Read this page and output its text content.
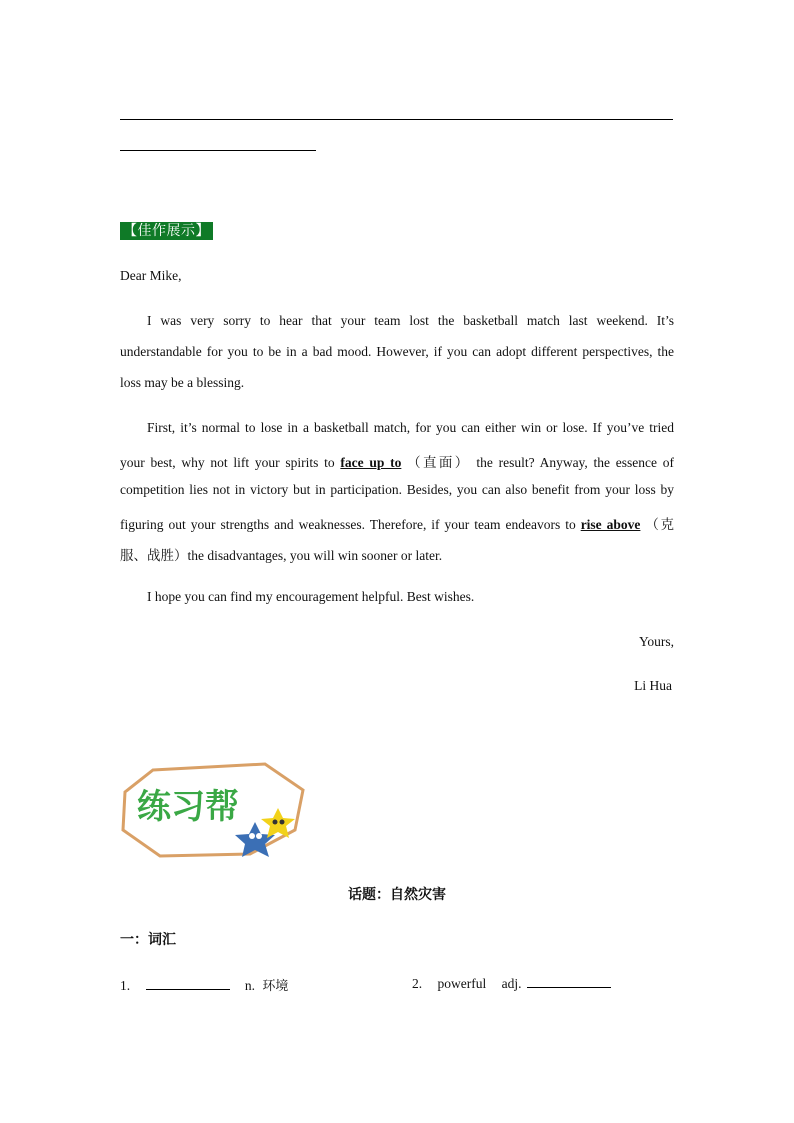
【佳作展示】
Dear Mike,
I was very sorry to hear that your team lost the basketball match last weekend. It’s
understandable for you to be in a bad mood. However, if you can adopt different perspectives, the
loss may be a blessing.
First, it’s normal to lose in a basketball match, for you can either win or lose. If you’ve tried
your best, why not lift your spirits to face up to （直面） the result? Anyway, the essence of
competition lies not in victory but in participation. Besides, you can also benefit from your loss by
figuring out your strengths and weaknesses. Therefore, if your team endeavors to rise above （克
服、战胜）the disadvantages, you will win sooner or later.
I hope you can find my encouragement helpful. Best wishes.
Yours,
Li Hua
练习帮
话题：自然灾害
一：词汇
1.	n. 环境	2. powerful adj.
